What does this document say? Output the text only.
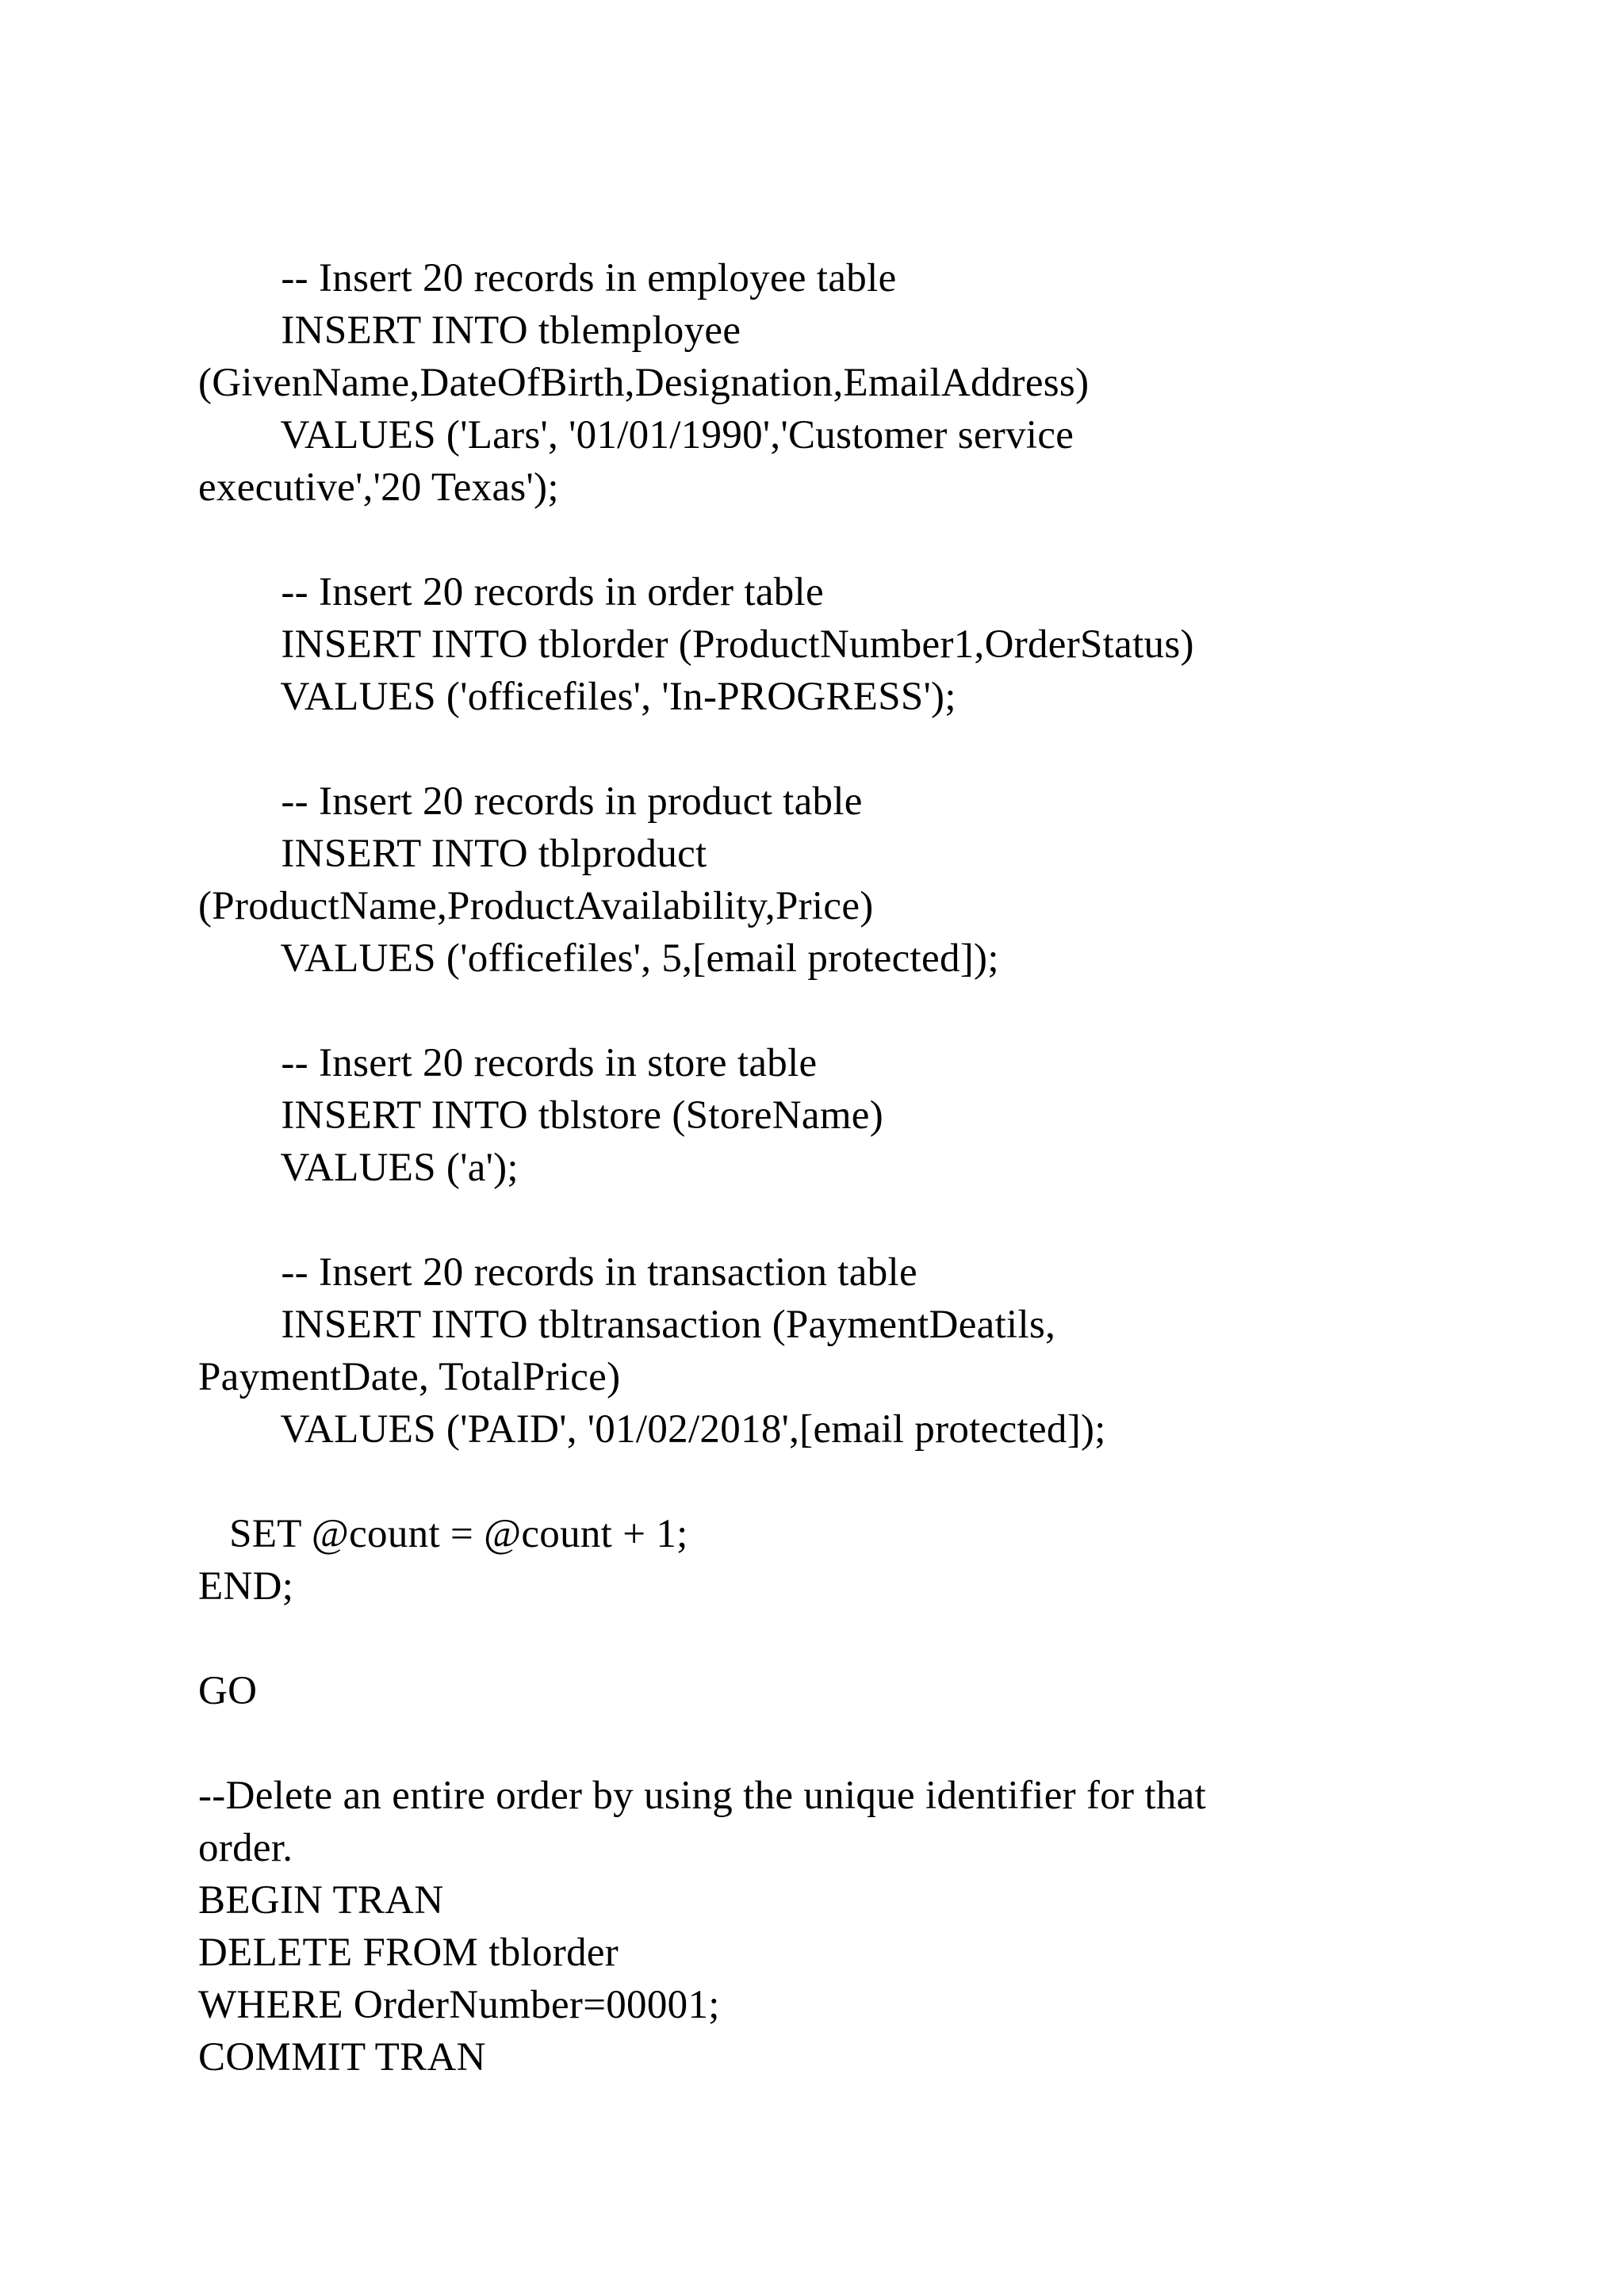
-- Insert 20 records in employee table

INSERT INTO tblemployee

(GivenName,DateOfBirth,Designation,EmailAddress)

VALUES ('Lars', '01/01/1990','Customer service

executive','20 Texas');

-- Insert 20 records in order table

INSERT INTO tblorder (ProductNumber1,OrderStatus)

VALUES ('officefiles', 'In-PROGRESS');

-- Insert 20 records in product table

INSERT INTO tblproduct

(ProductName,ProductAvailability,Price)

VALUES ('officefiles', 5,[email protected]);

-- Insert 20 records in store table

INSERT INTO tblstore (StoreName)

VALUES ('a');

-- Insert 20 records in transaction table

INSERT INTO tbltransaction (PaymentDeatils,

PaymentDate, TotalPrice)

VALUES ('PAID', '01/02/2018',[email protected]);

SET @count = @count + 1;

END;

GO

--Delete an entire order by using the unique identifier for that

order.

BEGIN TRAN

DELETE FROM tblorder

WHERE OrderNumber=00001;

COMMIT TRAN
